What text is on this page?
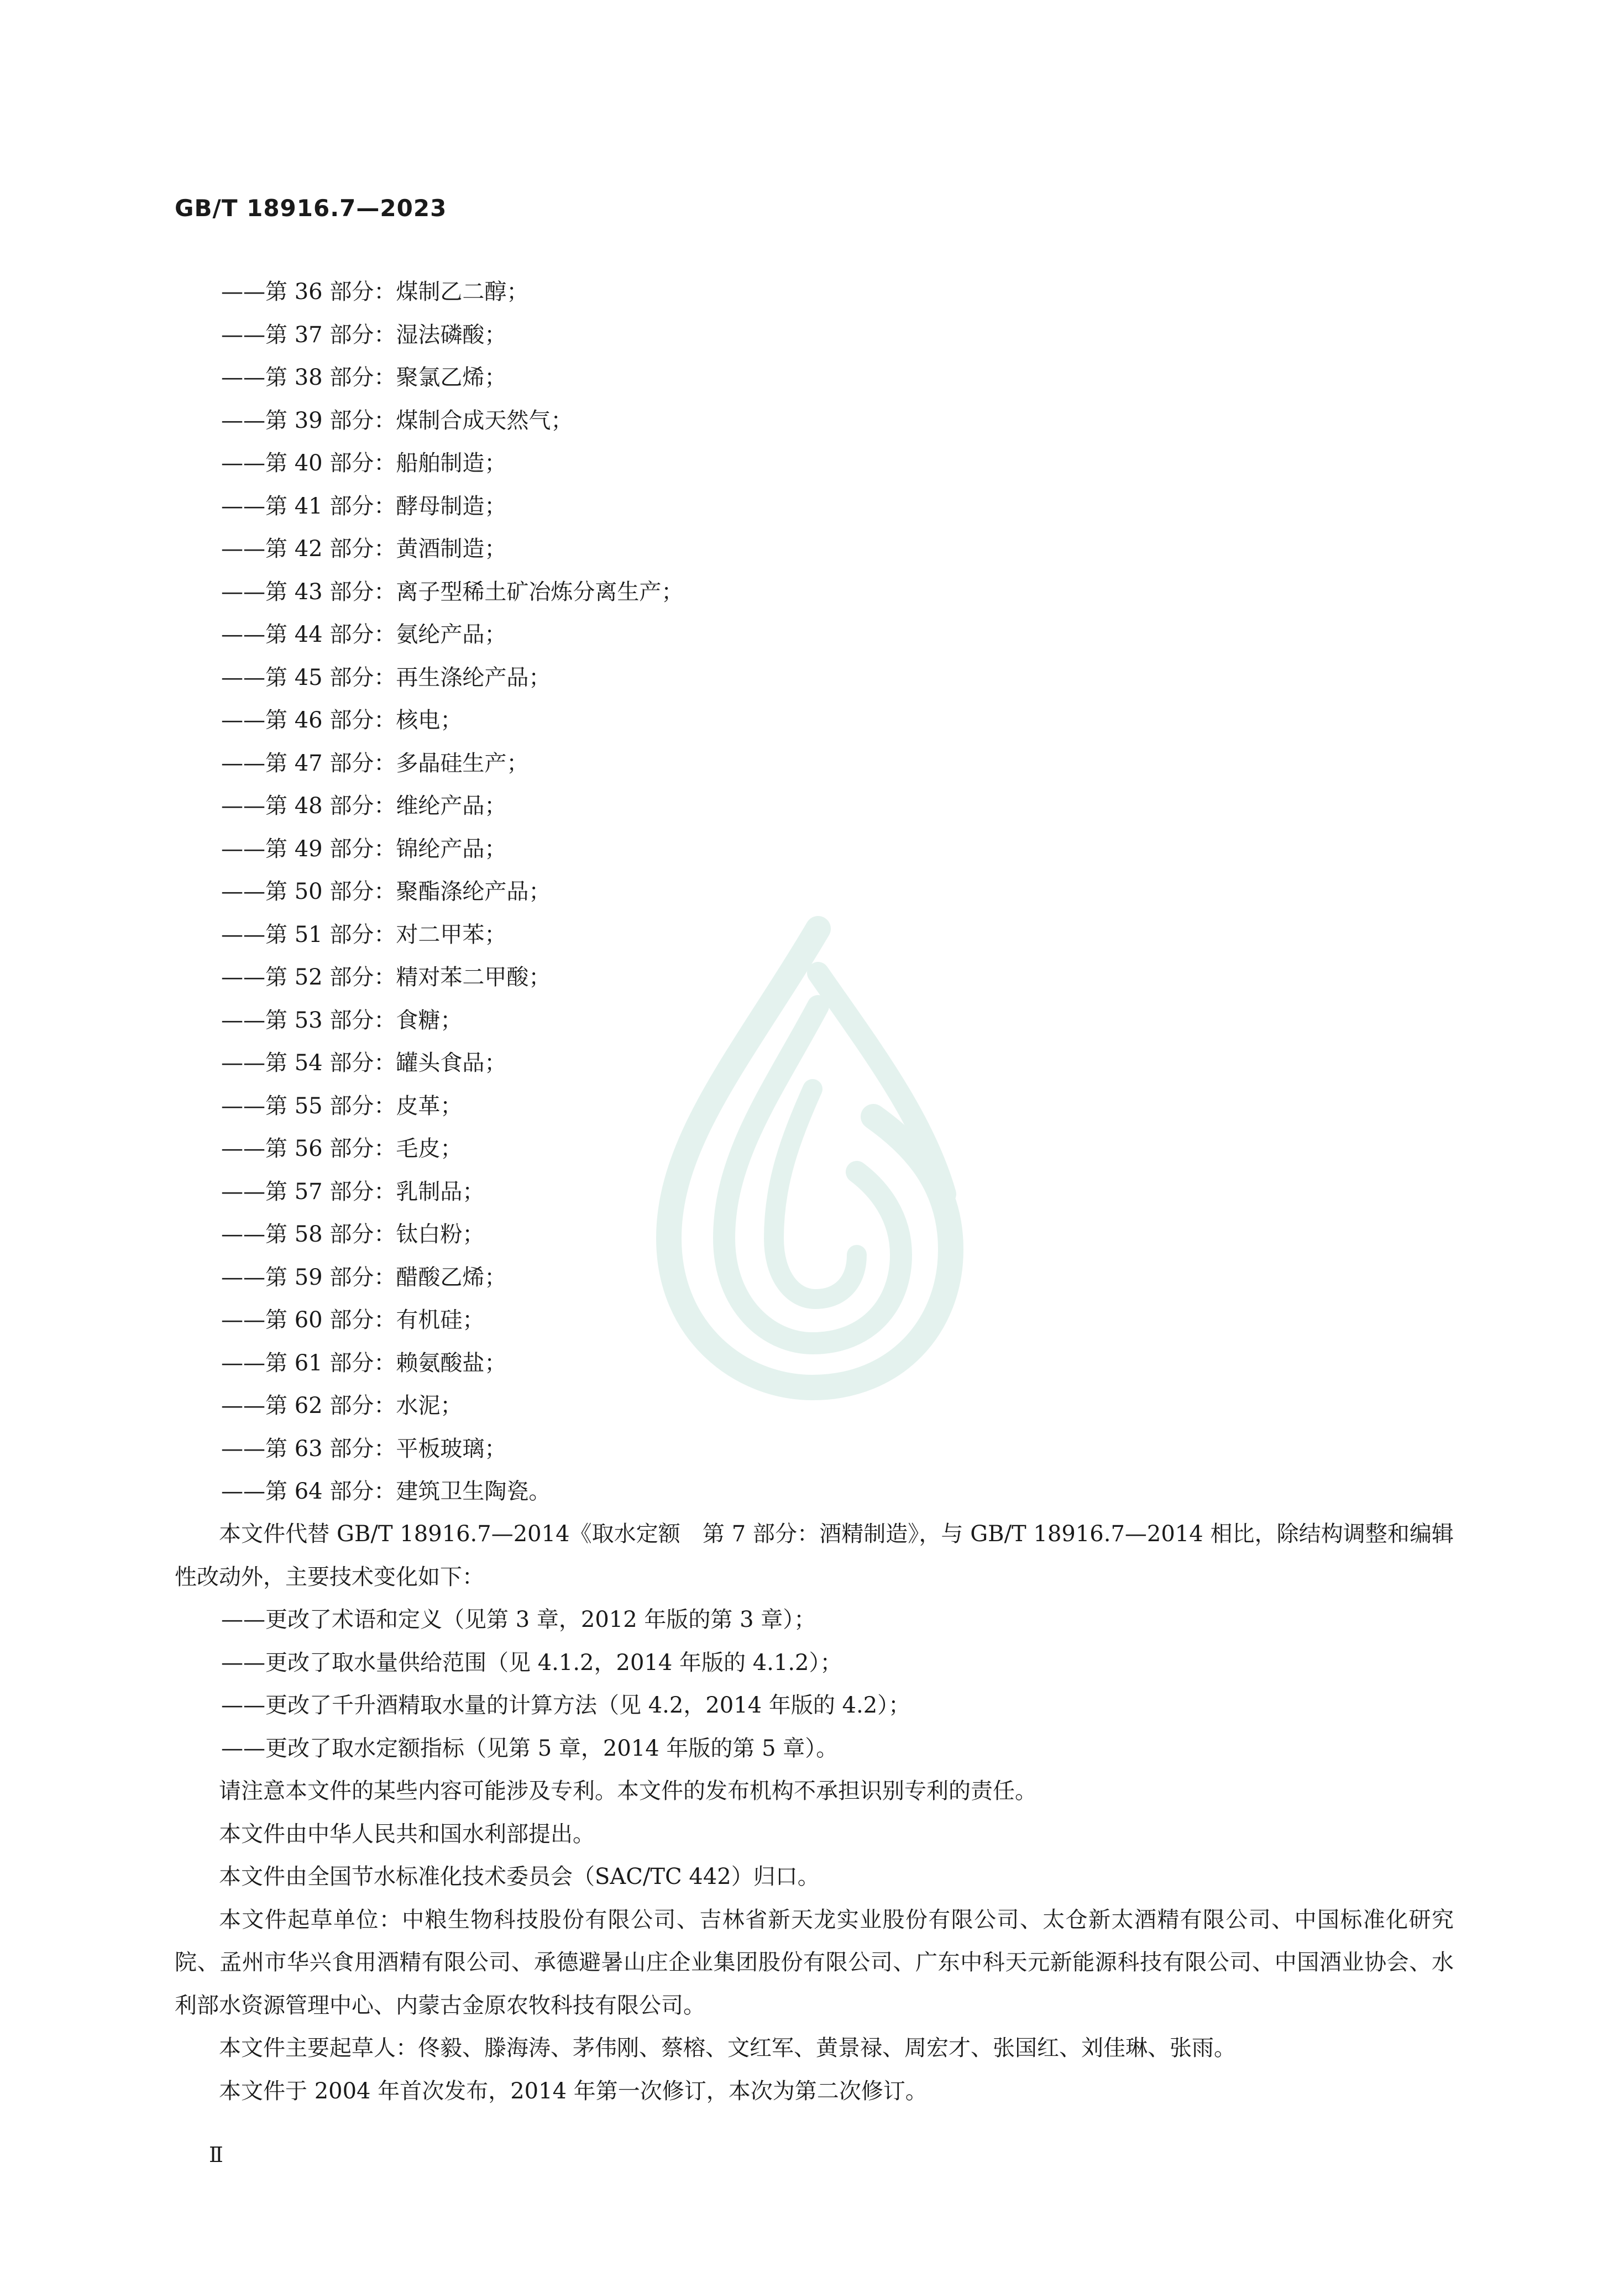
GB/T 18916.7—2023
——第 36 部分：煤制乙二醇；
——第 37 部分：湿法磷酸；
——第 38 部分：聚氯乙烯；
——第 39 部分：煤制合成天然气；
——第 40 部分：船舶制造；
——第 41 部分：酵母制造；
——第 42 部分：黄酒制造；
——第 43 部分：离子型稀土矿冶炼分离生产；
——第 44 部分：氨纶产品；
——第 45 部分：再生涤纶产品；
——第 46 部分：核电；
——第 47 部分：多晶硅生产；
——第 48 部分：维纶产品；
——第 49 部分：锦纶产品；
——第 50 部分：聚酯涤纶产品；
——第 51 部分：对二甲苯；
——第 52 部分：精对苯二甲酸；
——第 53 部分：食糖；
——第 54 部分：罐头食品；
——第 55 部分：皮革；
——第 56 部分：毛皮；
——第 57 部分：乳制品；
——第 58 部分：钛白粉；
——第 59 部分：醋酸乙烯；
——第 60 部分：有机硅；
——第 61 部分：赖氨酸盐；
——第 62 部分：水泥；
——第 63 部分：平板玻璃；
——第 64 部分：建筑卫生陶瓷。
本文件代替 GB/T 18916.7—2014《取水定额　第 7 部分：酒精制造》，与 GB/T 18916.7—2014 相比，除结构调整和编辑性改动外，主要技术变化如下：
——更改了术语和定义（见第 3 章，2012 年版的第 3 章）；
——更改了取水量供给范围（见 4.1.2，2014 年版的 4.1.2）；
——更改了千升酒精取水量的计算方法（见 4.2，2014 年版的 4.2）；
——更改了取水定额指标（见第 5 章，2014 年版的第 5 章）。
请注意本文件的某些内容可能涉及专利。本文件的发布机构不承担识别专利的责任。
本文件由中华人民共和国水利部提出。
本文件由全国节水标准化技术委员会（SAC/TC 442）归口。
本文件起草单位：中粮生物科技股份有限公司、吉林省新天龙实业股份有限公司、太仓新太酒精有限公司、中国标准化研究院、孟州市华兴食用酒精有限公司、承德避暑山庄企业集团股份有限公司、广东中科天元新能源科技有限公司、中国酒业协会、水利部水资源管理中心、内蒙古金原农牧科技有限公司。
本文件主要起草人：佟毅、滕海涛、茅伟刚、蔡榕、文红军、黄景禄、周宏才、张国红、刘佳琳、张雨。
本文件于 2004 年首次发布，2014 年第一次修订，本次为第二次修订。
Ⅱ
